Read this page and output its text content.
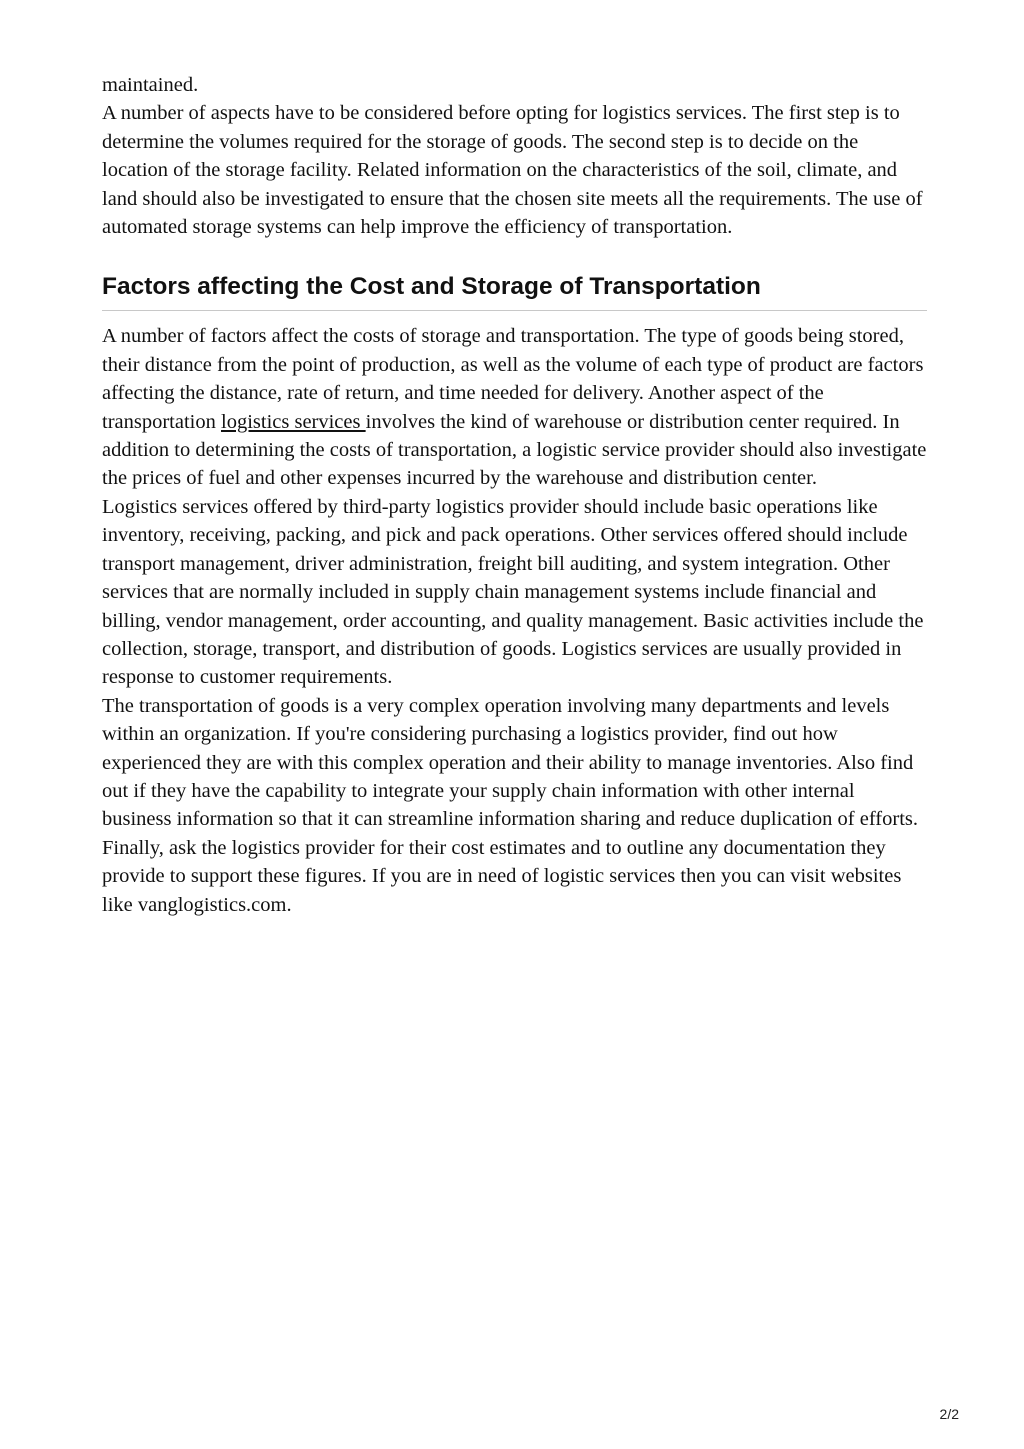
maintained.

A number of aspects have to be considered before opting for logistics services. The first step is to determine the volumes required for the storage of goods. The second step is to decide on the location of the storage facility. Related information on the characteristics of the soil, climate, and land should also be investigated to ensure that the chosen site meets all the requirements. The use of automated storage systems can help improve the efficiency of transportation.

Factors affecting the Cost and Storage of Transportation

A number of factors affect the costs of storage and transportation. The type of goods being stored, their distance from the point of production, as well as the volume of each type of product are factors affecting the distance, rate of return, and time needed for delivery. Another aspect of the transportation logistics services involves the kind of warehouse or distribution center required. In addition to determining the costs of transportation, a logistic service provider should also investigate the prices of fuel and other expenses incurred by the warehouse and distribution center.

Logistics services offered by third-party logistics provider should include basic operations like inventory, receiving, packing, and pick and pack operations. Other services offered should include transport management, driver administration, freight bill auditing, and system integration. Other services that are normally included in supply chain management systems include financial and billing, vendor management, order accounting, and quality management. Basic activities include the collection, storage, transport, and distribution of goods. Logistics services are usually provided in response to customer requirements.

The transportation of goods is a very complex operation involving many departments and levels within an organization. If you're considering purchasing a logistics provider, find out how experienced they are with this complex operation and their ability to manage inventories. Also find out if they have the capability to integrate your supply chain information with other internal business information so that it can streamline information sharing and reduce duplication of efforts. Finally, ask the logistics provider for their cost estimates and to outline any documentation they provide to support these figures. If you are in need of logistic services then you can visit websites like vanglogistics.com.

2/2
